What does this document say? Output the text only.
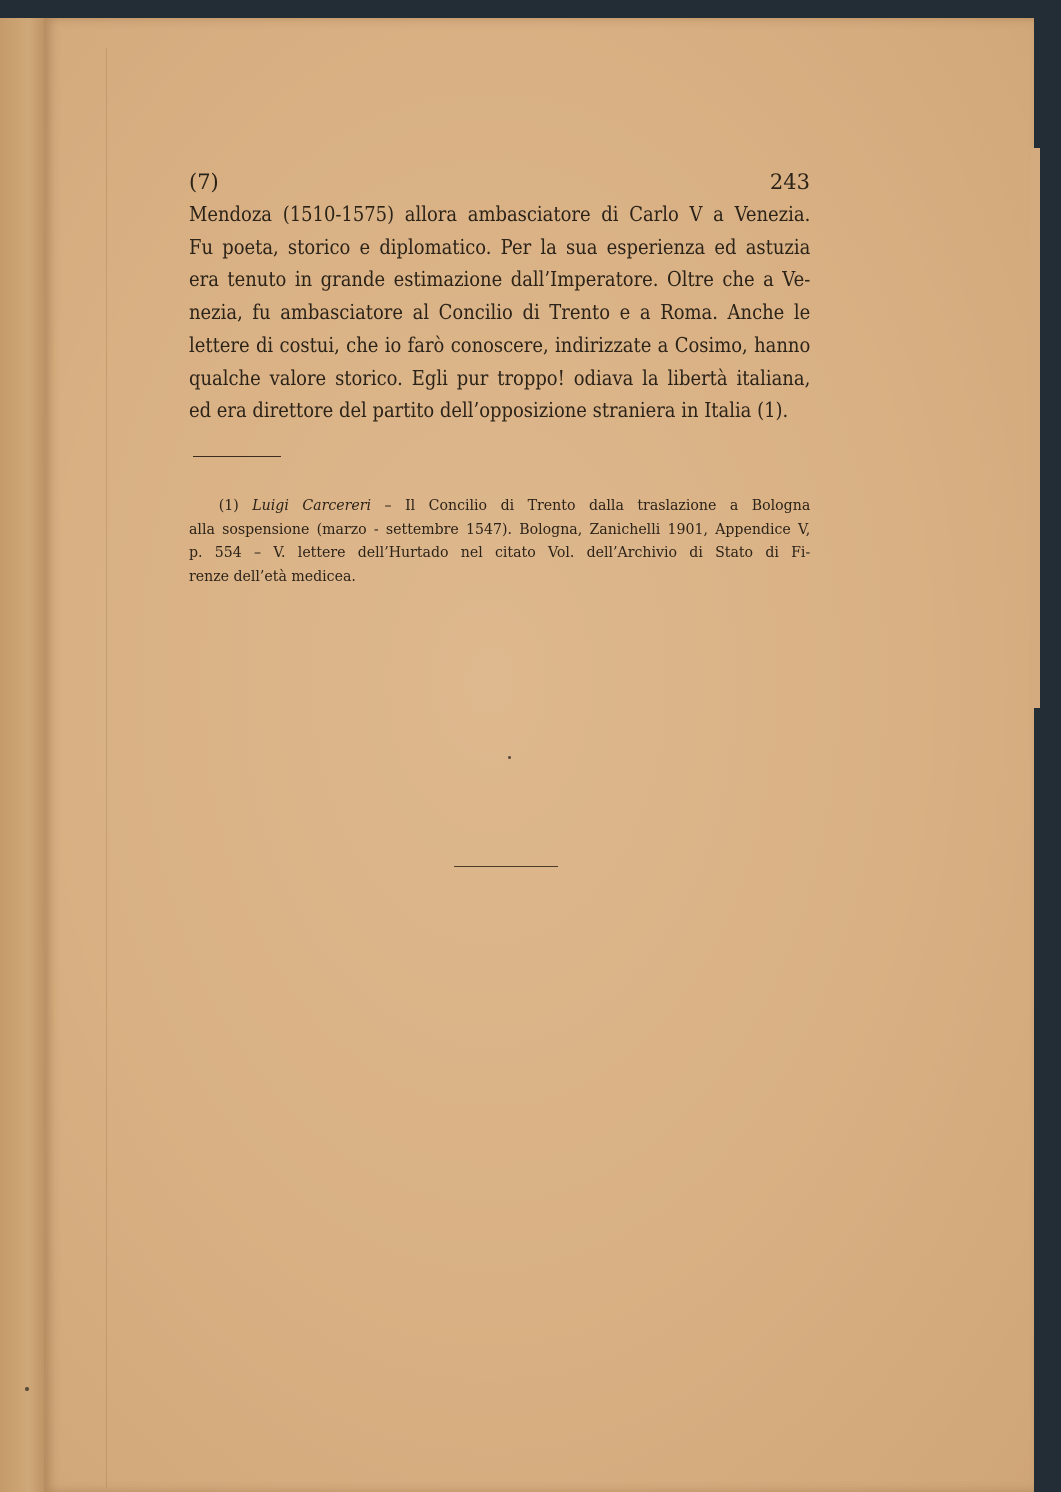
(7)	243
Mendoza (1510-1575) allora ambasciatore di Carlo V a Venezia.
Fu poeta, storico e diplomatico. Per la sua esperienza ed astuzia
era tenuto in grande estimazione dall’Imperatore. Oltre che a Ve-
nezia, fu ambasciatore al Concilio di Trento e a Roma. Anche le
lettere di costui, che io farò conoscere, indirizzate a Cosimo, hanno
qualche valore storico. Egli pur troppo! odiava la libertà italiana,
ed era direttore del partito dell’opposizione straniera in Italia (1).
(1) Luigi Carcereri – Il Concilio di Trento dalla traslazione a Bologna
alla sospensione (marzo - settembre 1547). Bologna, Zanichelli 1901, Appendice V,
p. 554 – V. lettere dell’Hurtado nel citato Vol. dell’Archivio di Stato di Fi-
renze dell’età medicea.
